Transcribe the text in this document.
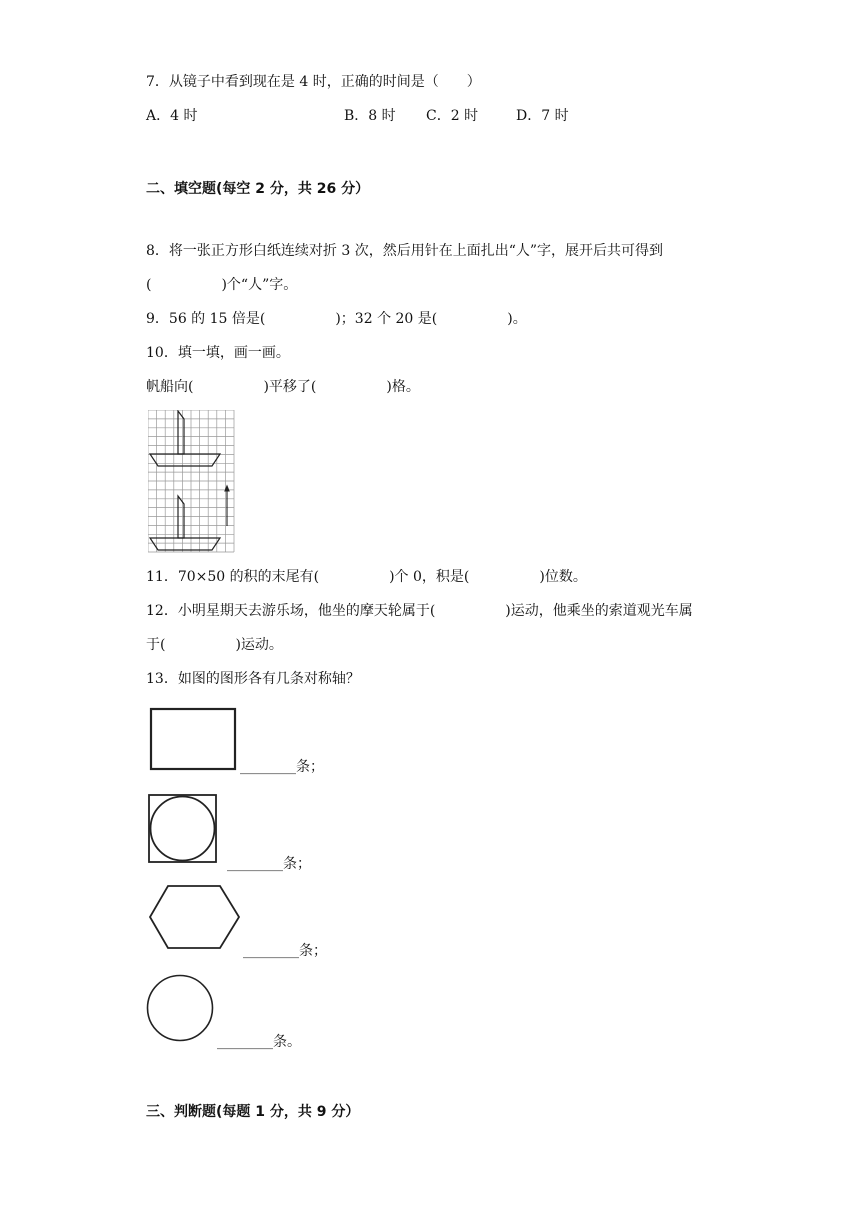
7．从镜子中看到现在是 4 时，正确的时间是（　　）
A．4 时	B．8 时 C．2 时	D．7 时
二、填空题(每空 2 分，共 26 分）
8．将一张正方形白纸连续对折 3 次，然后用针在上面扎出“人”字，展开后共可得到
(　　　　　)个“人”字。
9．56 的 15 倍是(　　　　　)；32 个 20 是(　　　　　)。
10．填一填，画一画。
帆船向(　　　　　)平移了(　　　　　)格。
11．70×50 的积的末尾有(　　　　　)个 0，积是(　　　　　)位数。
12．小明星期天去游乐场，他坐的摩天轮属于(　　　　　)运动，他乘坐的索道观光车属
于(　　　　　)运动。
13．如图的图形各有几条对称轴？
________条；
________条；
________条；
________条。
三、判断题(每题 1 分，共 9 分）
